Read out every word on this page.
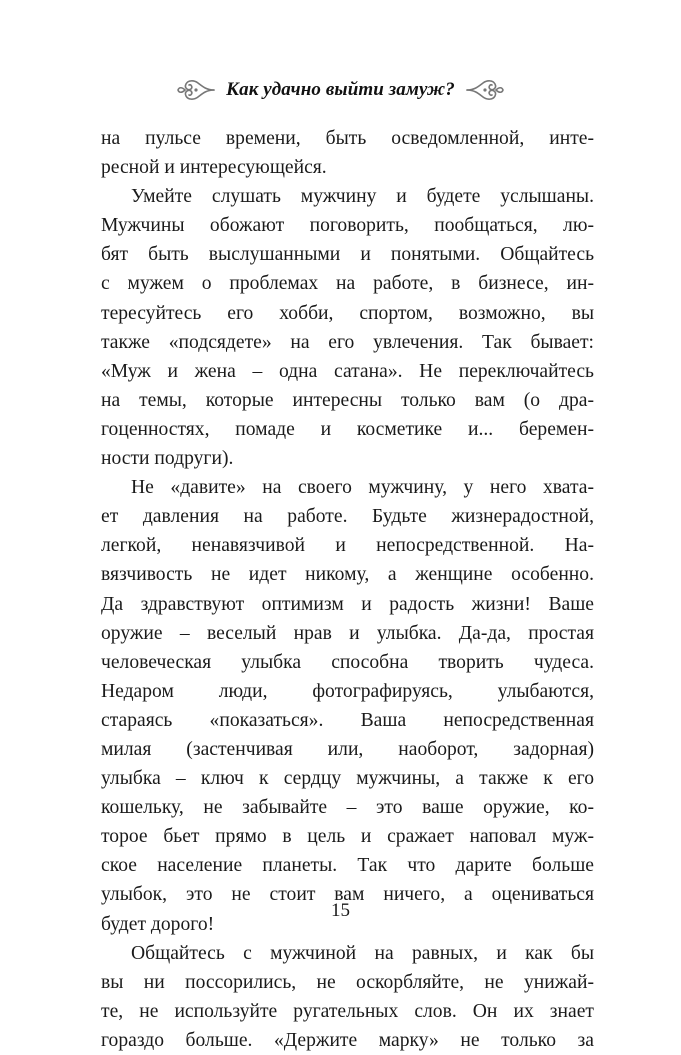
Как удачно выйти замуж?
на пульсе времени, быть осведомленной, инте-
ресной и интересующейся.
Умейте слушать мужчину и будете услышаны.
Мужчины обожают поговорить, пообщаться, лю-
бят быть выслушанными и понятыми. Общайтесь
с мужем о проблемах на работе, в бизнесе, ин-
тересуйтесь его хобби, спортом, возможно, вы
также «подсядете» на его увлечения. Так бывает:
«Муж и жена – одна сатана». Не переключайтесь
на темы, которые интересны только вам (о дра-
гоценностях, помаде и косметике и... беремен-
ности подруги).
Не «давите» на своего мужчину, у него хвата-
ет давления на работе. Будьте жизнерадостной,
легкой, ненавязчивой и непосредственной. На-
вязчивость не идет никому, а женщине особенно.
Да здравствуют оптимизм и радость жизни! Ваше
оружие – веселый нрав и улыбка. Да-да, простая
человеческая улыбка способна творить чудеса.
Недаром люди, фотографируясь, улыбаются,
стараясь «показаться». Ваша непосредственная
милая (застенчивая или, наоборот, задорная)
улыбка – ключ к сердцу мужчины, а также к его
кошельку, не забывайте – это ваше оружие, ко-
торое бьет прямо в цель и сражает наповал муж-
ское население планеты. Так что дарите больше
улыбок, это не стоит вам ничего, а оцениваться
будет дорого!
Общайтесь с мужчиной на равных, и как бы
вы ни поссорились, не оскорбляйте, не унижай-
те, не используйте ругательных слов. Он их знает
гораздо больше. «Держите марку» не только за
15
